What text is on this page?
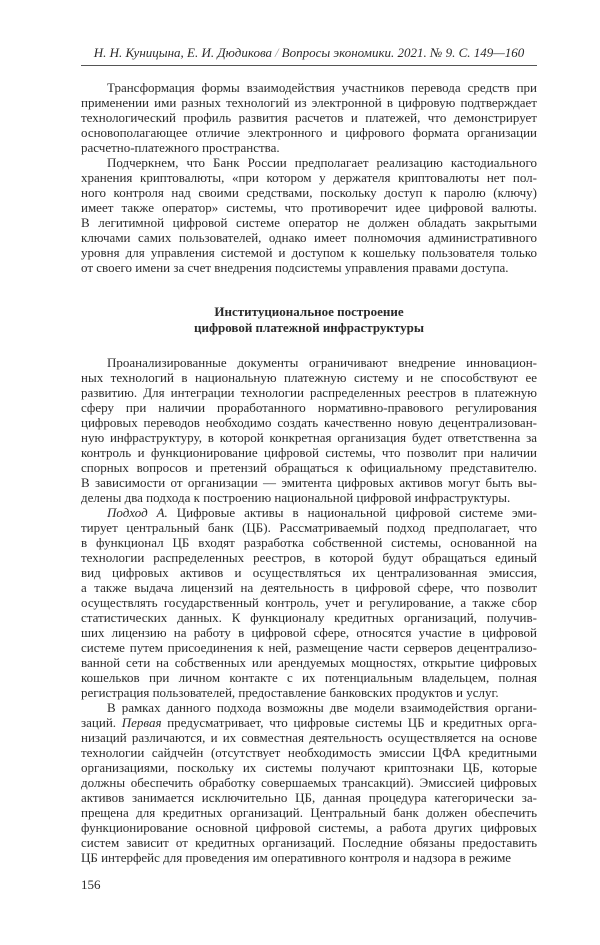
Н. Н. Куницына, Е. И. Дюдикова / Вопросы экономики. 2021. № 9. С. 149—160
Трансформация формы взаимодействия участников перевода средств при
применении ими разных технологий из электронной в цифровую подтверждает
технологический профиль развития расчетов и платежей, что демонстрирует
основополагающее отличие электронного и цифрового формата организации
расчетно-платежного пространства.
Подчеркнем, что Банк России предполагает реализацию кастодиального
хранения криптовалюты, «при котором у держателя криптовалюты нет пол-
ного контроля над своими средствами, поскольку доступ к паролю (ключу)
имеет также оператор» системы, что противоречит идее цифровой валюты.
В легитимной цифровой системе оператор не должен обладать закрытыми
ключами самих пользователей, однако имеет полномочия административного
уровня для управления системой и доступом к кошельку пользователя только
от своего имени за счет внедрения подсистемы управления правами доступа.
Институциональное построение
цифровой платежной инфраструктуры
Проанализированные документы ограничивают внедрение инновацион-
ных технологий в национальную платежную систему и не способствуют ее
развитию. Для интеграции технологии распределенных реестров в платежную
сферу при наличии проработанного нормативно-правового регулирования
цифровых переводов необходимо создать качественно новую децентрализован-
ную инфраструктуру, в которой конкретная организация будет ответственна за
контроль и функционирование цифровой системы, что позволит при наличии
спорных вопросов и претензий обращаться к официальному представителю.
В зависимости от организации — эмитента цифровых активов могут быть вы-
делены два подхода к построению национальной цифровой инфраструктуры.
Подход А. Цифровые активы в национальной цифровой системе эми-
тирует центральный банк (ЦБ). Рассматриваемый подход предполагает, что
в функционал ЦБ входят разработка собственной системы, основанной на
технологии распределенных реестров, в которой будут обращаться единый
вид цифровых активов и осуществляться их централизованная эмиссия,
а также выдача лицензий на деятельность в цифровой сфере, что позволит
осуществлять государственный контроль, учет и регулирование, а также сбор
статистических данных. К функционалу кредитных организаций, получив-
ших лицензию на работу в цифровой сфере, относятся участие в цифровой
системе путем присоединения к ней, размещение части серверов децентрализо-
ванной сети на собственных или арендуемых мощностях, открытие цифровых
кошельков при личном контакте с их потенциальным владельцем, полная
регистрация пользователей, предоставление банковских продуктов и услуг.
В рамках данного подхода возможны две модели взаимодействия органи-
заций. Первая предусматривает, что цифровые системы ЦБ и кредитных орга-
низаций различаются, и их совместная деятельность осуществляется на основе
технологии сайдчейн (отсутствует необходимость эмиссии ЦФА кредитными
организациями, поскольку их системы получают криптознаки ЦБ, которые
должны обеспечить обработку совершаемых трансакций). Эмиссией цифровых
активов занимается исключительно ЦБ, данная процедура категорически за-
прещена для кредитных организаций. Центральный банк должен обеспечить
функционирование основной цифровой системы, а работа других цифровых
систем зависит от кредитных организаций. Последние обязаны предоставить
ЦБ интерфейс для проведения им оперативного контроля и надзора в режиме
156
